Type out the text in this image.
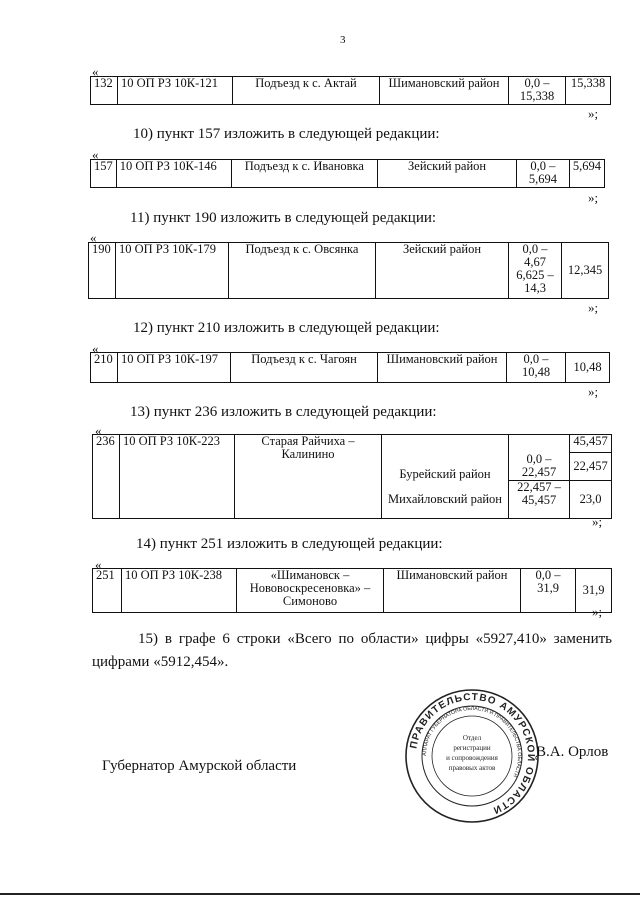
3
«
132	10 ОП РЗ 10К-121	Подъезд к с. Актай	Шимановский район	0,0 – 15,338	15,338
»;
10) пункт 157 изложить в следующей редакции:
«
157	10 ОП РЗ 10К-146	Подъезд к с. Ивановка	Зейский район	0,0 – 5,694	5,694
»;
11) пункт 190 изложить в следующей редакции:
«
190	10 ОП РЗ 10К-179	Подъезд к с. Овсянка	Зейский район	0,0 – 4,67 6,625 – 14,3	12,345
»;
12) пункт 210 изложить в следующей редакции:
«
210	10 ОП РЗ 10К-197	Подъезд к с. Чагоян	Шимановский район	0,0 – 10,48	10,48
»;
13) пункт 236 изложить в следующей редакции:
«
236	10 ОП РЗ 10К-223	Старая Райчиха – Калинино	Бурейский район		45,457
				0,0 – 22,457	22,457
			Михайловский район	22,457 – 45,457	23,0
»;
14) пункт 251 изложить в следующей редакции:
«
251	10 ОП РЗ 10К-238	«Шимановск – Нововоскресеновка» – Симоново	Шимановский район	0,0 – 31,9	31,9
»;
15) в графе 6 строки «Всего по области» цифры «5927,410» заменить цифрами «5912,454».
ПРАВИТЕЛЬСТВО АМУРСКОЙ ОБЛАСТИ
АППАРАТ ГУБЕРНАТОРА ОБЛАСТИ И ПРАВИТЕЛЬСТВА ОБЛАСТИ
Отдел
регистрации
и сопровождения
правовых актов
Губернатор Амурской области
В.А. Орлов
